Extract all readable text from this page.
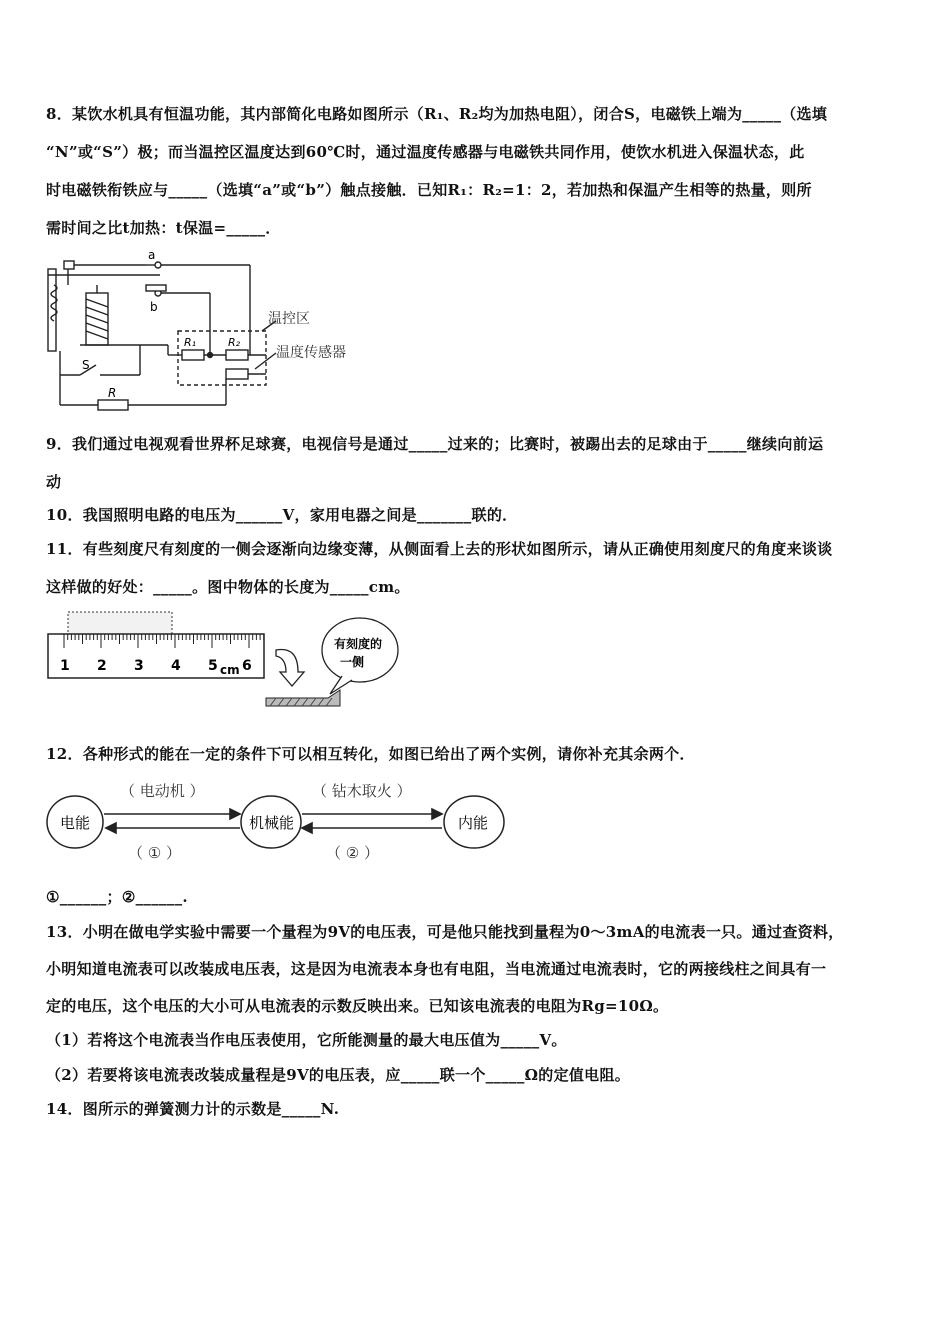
8．某饮水机具有恒温功能，其内部简化电路如图所示（R₁、R₂均为加热电阻），闭合S，电磁铁上端为_____（选填
“N”或“S”）极；而当温控区温度达到60℃时，通过温度传感器与电磁铁共同作用，使饮水机进入保温状态，此
时电磁铁衔铁应与_____（选填“a”或“b”）触点接触．已知R₁：R₂=1：2，若加热和保温产生相等的热量，则所
需时间之比t加热：t保温=_____．
a
b
S
R
R₁	R₂
温控区
温度传感器
9．我们通过电视观看世界杯足球赛，电视信号是通过_____过来的；比赛时，被踢出去的足球由于_____继续向前运
动
10．我国照明电路的电压为______V，家用电器之间是_______联的．
11．有些刻度尺有刻度的一侧会逐渐向边缘变薄，从侧面看上去的形状如图所示，请从正确使用刻度尺的角度来谈谈
这样做的好处：_____。图中物体的长度为_____cm。
1 2 3 4 5 6
cm
有刻度的
一侧
12．各种形式的能在一定的条件下可以相互转化，如图已给出了两个实例，请你补充其余两个．
电能	机械能	内能
（ 电动机 ）	（ 钻木取火 ）
（ ① ）	（ ② ）
①______；②______.
13．小明在做电学实验中需要一个量程为9V的电压表，可是他只能找到量程为0～3mA的电流表一只。通过查资料，
小明知道电流表可以改装成电压表，这是因为电流表本身也有电阻，当电流通过电流表时，它的两接线柱之间具有一
定的电压，这个电压的大小可从电流表的示数反映出来。已知该电流表的电阻为Rg=10Ω。
（1）若将这个电流表当作电压表使用，它所能测量的最大电压值为_____V。
（2）若要将该电流表改装成量程是9V的电压表，应_____联一个_____Ω的定值电阻。
14．图所示的弹簧测力计的示数是_____N.
